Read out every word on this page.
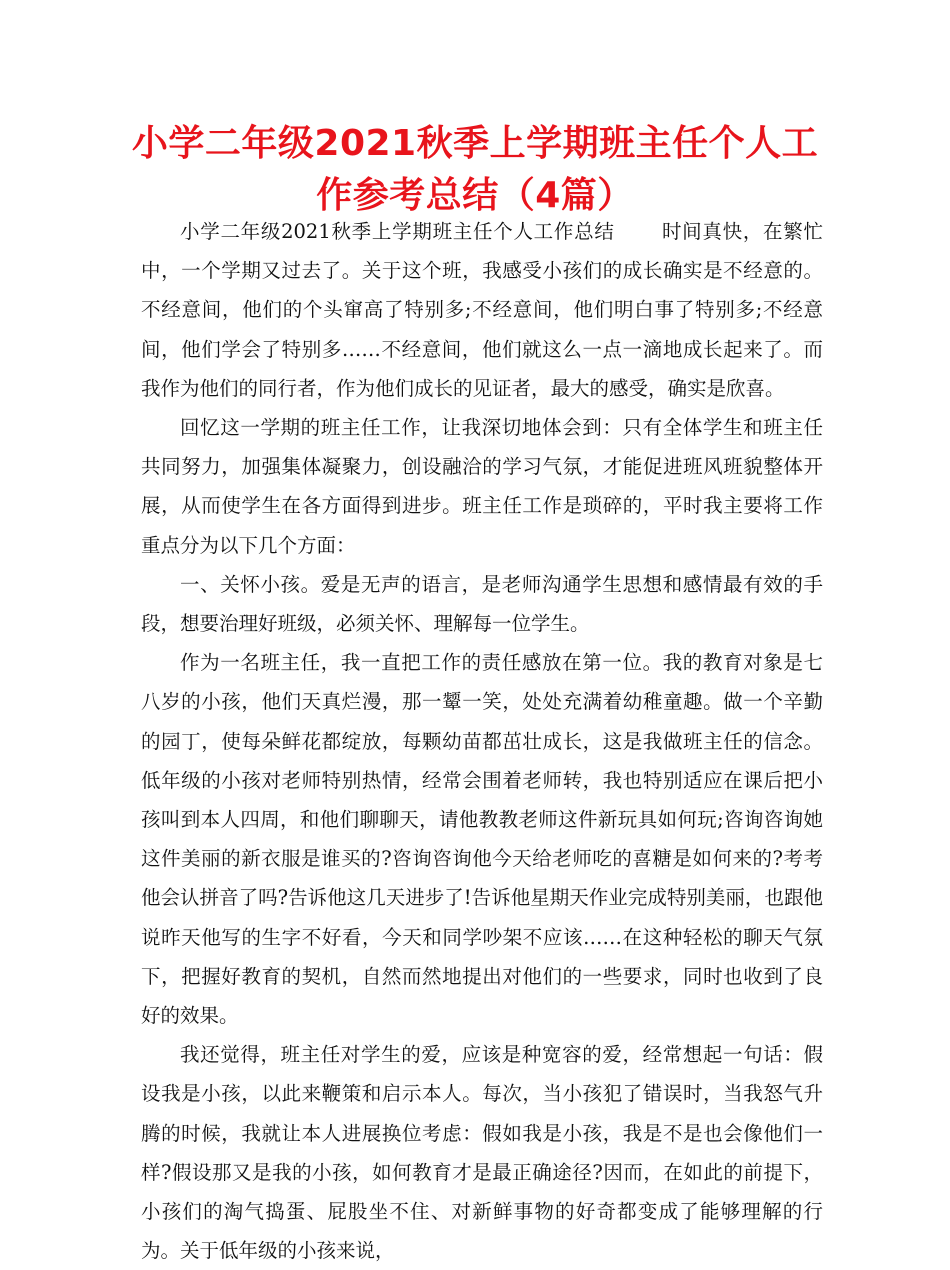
小学二年级2021秋季上学期班主任个人工作参考总结（4篇）

小学二年级2021秋季上学期班主任个人工作总结 　　时间真快，在繁忙中，一个学期又过去了。关于这个班，我感受小孩们的成长确实是不经意的。不经意间，他们的个头窜高了特别多;不经意间，他们明白事了特别多;不经意间，他们学会了特别多……不经意间，他们就这么一点一滴地成长起来了。而我作为他们的同行者，作为他们成长的见证者，最大的感受，确实是欣喜。

回忆这一学期的班主任工作，让我深切地体会到：只有全体学生和班主任共同努力，加强集体凝聚力，创设融洽的学习气氛，才能促进班风班貌整体开展，从而使学生在各方面得到进步。班主任工作是琐碎的，平时我主要将工作重点分为以下几个方面：

一、关怀小孩。爱是无声的语言，是老师沟通学生思想和感情最有效的手段，想要治理好班级，必须关怀、理解每一位学生。

作为一名班主任，我一直把工作的责任感放在第一位。我的教育对象是七八岁的小孩，他们天真烂漫，那一颦一笑，处处充满着幼稚童趣。做一个辛勤的园丁，使每朵鲜花都绽放，每颗幼苗都茁壮成长，这是我做班主任的信念。低年级的小孩对老师特别热情，经常会围着老师转，我也特别适应在课后把小孩叫到本人四周，和他们聊聊天，请他教教老师这件新玩具如何玩;咨询咨询她这件美丽的新衣服是谁买的?咨询咨询他今天给老师吃的喜糖是如何来的?考考他会认拼音了吗?告诉他这几天进步了!告诉他星期天作业完成特别美丽，也跟他说昨天他写的生字不好看，今天和同学吵架不应该……在这种轻松的聊天气氛下，把握好教育的契机，自然而然地提出对他们的一些要求，同时也收到了良好的效果。

我还觉得，班主任对学生的爱，应该是种宽容的爱，经常想起一句话：假设我是小孩，以此来鞭策和启示本人。每次，当小孩犯了错误时，当我怒气升腾的时候，我就让本人进展换位考虑：假如我是小孩，我是不是也会像他们一样?假设那又是我的小孩，如何教育才是最正确途径?因而，在如此的前提下，小孩们的淘气捣蛋、屁股坐不住、对新鲜事物的好奇都变成了能够理解的行为。关于低年级的小孩来说，
